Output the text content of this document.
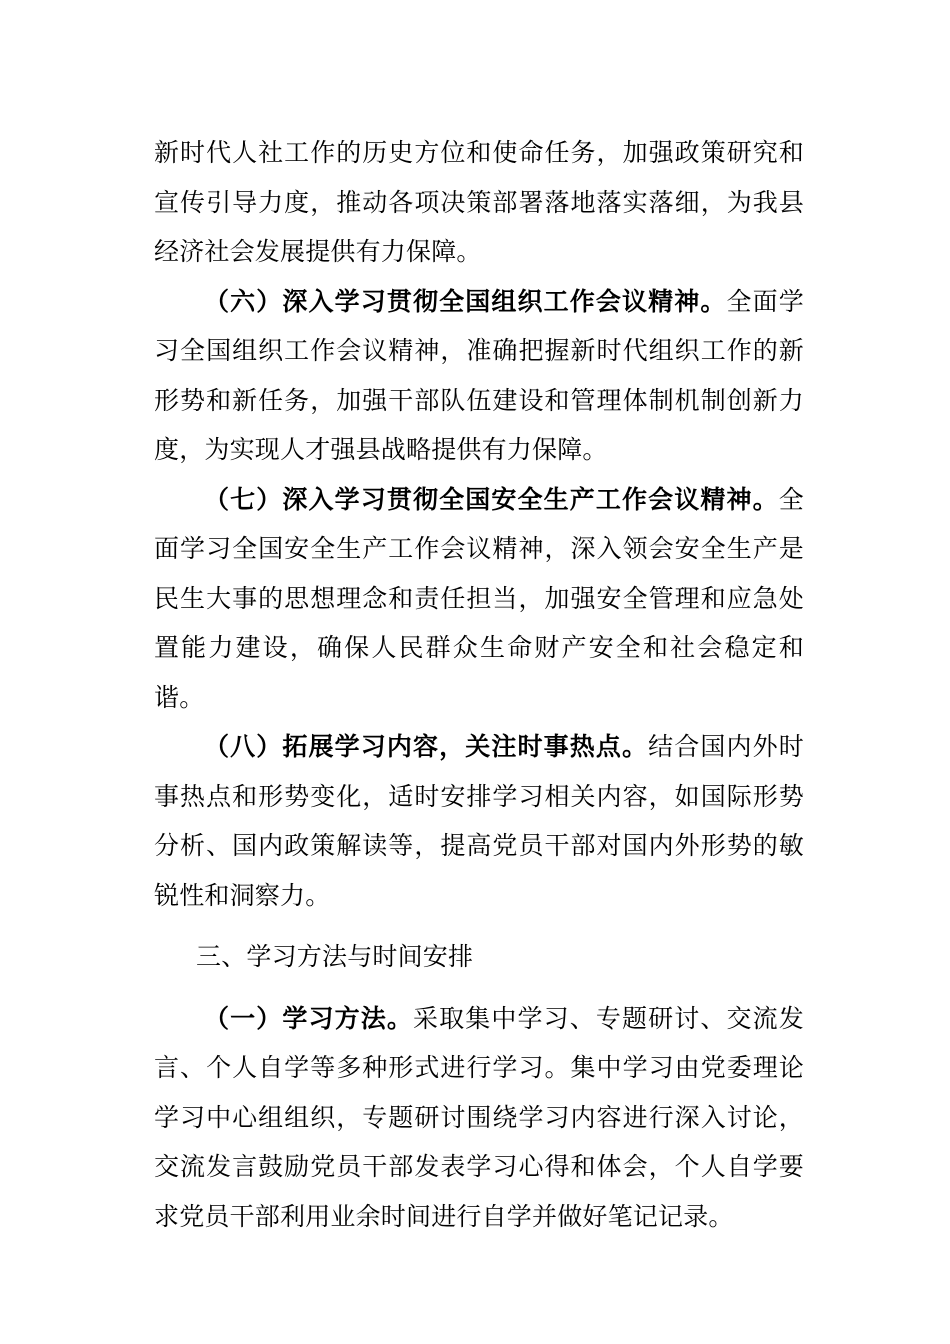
新时代人社工作的历史方位和使命任务，加强政策研究和宣传引导力度，推动各项决策部署落地落实落细，为我县经济社会发展提供有力保障。

（六）深入学习贯彻全国组织工作会议精神。全面学习全国组织工作会议精神，准确把握新时代组织工作的新形势和新任务，加强干部队伍建设和管理体制机制创新力度，为实现人才强县战略提供有力保障。

（七）深入学习贯彻全国安全生产工作会议精神。全面学习全国安全生产工作会议精神，深入领会安全生产是民生大事的思想理念和责任担当，加强安全管理和应急处置能力建设，确保人民群众生命财产安全和社会稳定和谐。

（八）拓展学习内容，关注时事热点。结合国内外时事热点和形势变化，适时安排学习相关内容，如国际形势分析、国内政策解读等，提高党员干部对国内外形势的敏锐性和洞察力。

三、学习方法与时间安排

（一）学习方法。采取集中学习、专题研讨、交流发言、个人自学等多种形式进行学习。集中学习由党委理论学习中心组组织，专题研讨围绕学习内容进行深入讨论，交流发言鼓励党员干部发表学习心得和体会，个人自学要求党员干部利用业余时间进行自学并做好笔记记录。
